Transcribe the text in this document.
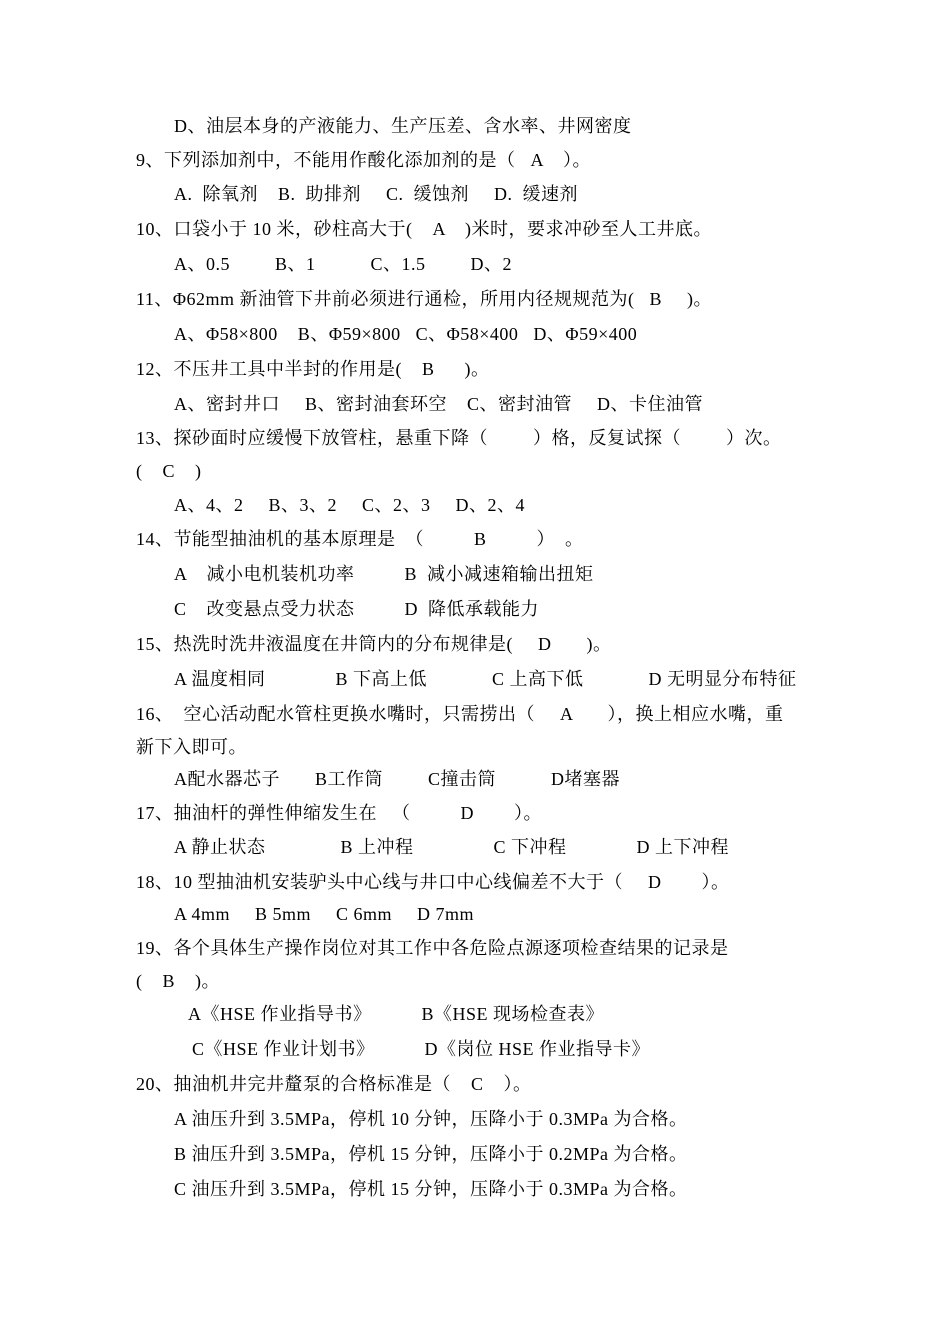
D、油层本身的产液能力、生产压差、含水率、井网密度
9、下列添加剂中，不能用作酸化添加剂的是（   A    ）。
A.  除氧剂    B.  助排剂     C.  缓蚀剂     D.  缓速剂
10、口袋小于 10 米，砂柱高大于(    A    )米时，要求冲砂至人工井底。
A、0.5         B、1           C、1.5         D、2
11、Φ62mm 新油管下井前必须进行通检，所用内径规规范为(   B     )。
A、Φ58×800    B、Φ59×800   C、Φ58×400   D、Φ59×400
12、不压井工具中半封的作用是(    B      )。
A、密封井口     B、密封油套环空    C、密封油管     D、卡住油管
13、探砂面时应缓慢下放管柱，悬重下降（         ）格，反复试探（         ）次。
(    C    )
A、4、2     B、3、2     C、2、3     D、2、4
14、节能型抽油机的基本原理是  （          B          ）  。
A    减小电机装机功率          B  减小减速箱输出扭矩
C    改变悬点受力状态          D  降低承载能力
15、热洗时洗井液温度在井筒内的分布规律是(     D       )。
A 温度相同              B 下高上低             C 上高下低             D 无明显分布特征
16、  空心活动配水管柱更换水嘴时，只需捞出（     A       ），换上相应水嘴，重
新下入即可。
A配水器芯子       B工作筒         C撞击筒           D堵塞器
17、抽油杆的弹性伸缩发生在   （          D        ）。
A 静止状态               B 上冲程                C 下冲程              D 上下冲程
18、10 型抽油机安装驴头中心线与井口中心线偏差不大于（     D        ）。
A 4mm     B 5mm     C 6mm     D 7mm
19、各个具体生产操作岗位对其工作中各危险点源逐项检查结果的记录是
(    B    )。
A《HSE 作业指导书》          B《HSE 现场检查表》
C《HSE 作业计划书》          D《岗位 HSE 作业指导卡》
20、抽油机井完井釐泵的合格标准是（    C    ）。
A 油压升到 3.5MPa，停机 10 分钟，压降小于 0.3MPa 为合格。
B 油压升到 3.5MPa，停机 15 分钟，压降小于 0.2MPa 为合格。
C 油压升到 3.5MPa，停机 15 分钟，压降小于 0.3MPa 为合格。
